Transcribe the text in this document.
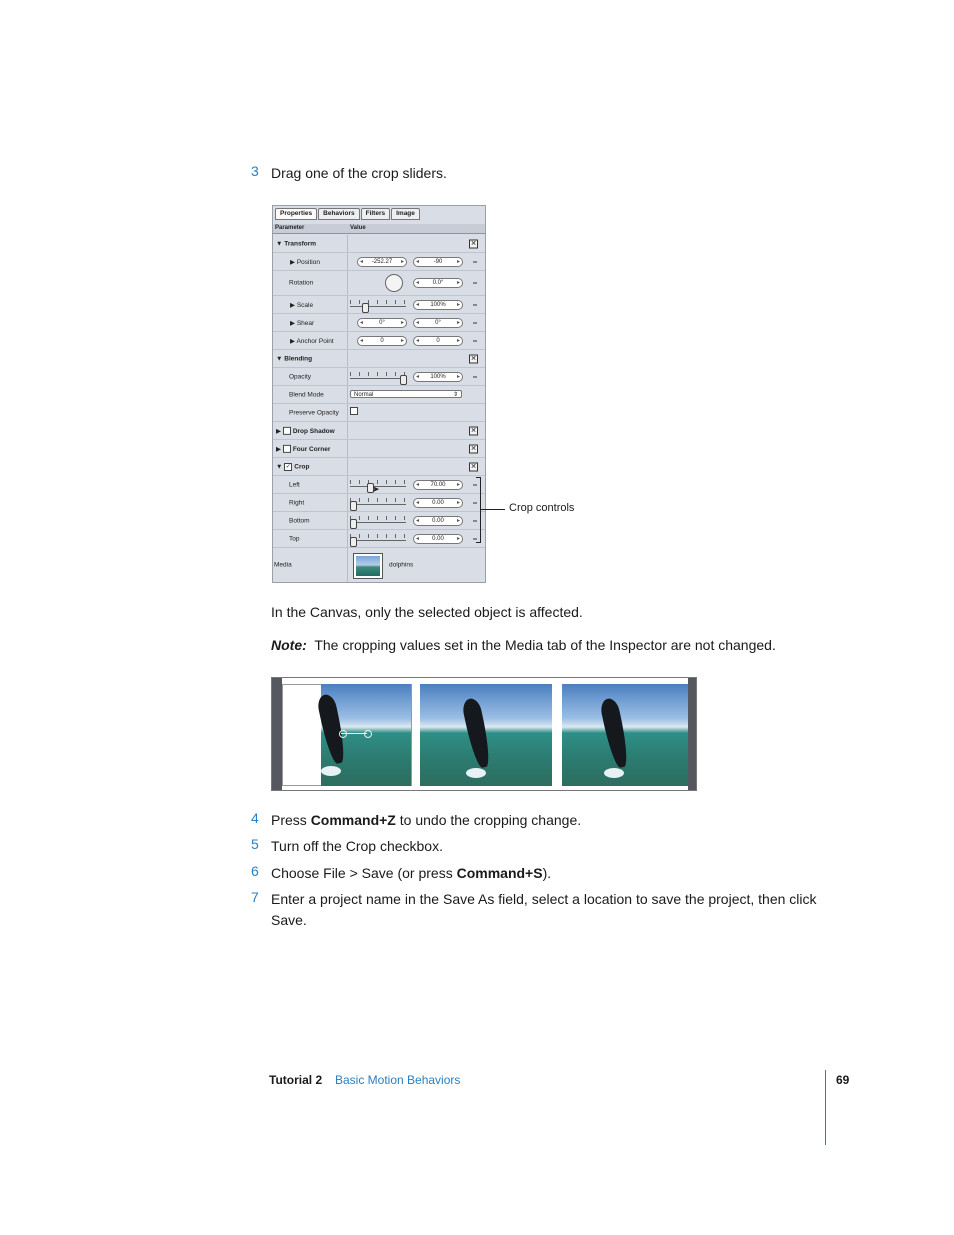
3 Drag one of the crop sliders.
Properties	Behaviors	Filters	Image
Parameter	Value
▼ Transform	✕
▶ Position	◂ -252.27 ▸	◂ -90 ▸
Rotation	◂ 0.0° ▸
▶ Scale	◂ 100% ▸
▶ Shear	◂ 0° ▸	◂ 0° ▸
▶ Anchor Point	◂ 0 ▸	◂ 0 ▸
▼ Blending	✕
Opacity	◂ 100% ▸
Blend Mode	Normal	⇕
Preserve Opacity
▶ Drop Shadow	✕
▶ Four Corner	✕
▼ ✓ Crop	✕
Left	➤	◂ 70.00 ▸
Right	◂ 0.00 ▸
Bottom	◂ 0.00 ▸
Top	◂ 0.00 ▸
Media	dolphins
Crop controls
In the Canvas, only the selected object is affected.
Note: The cropping values set in the Media tab of the Inspector are not changed.
4 Press Command+Z to undo the cropping change.
5 Turn off the Crop checkbox.
6 Choose File > Save (or press Command+S).
7 Enter a project name in the Save As field, select a location to save the project, then click Save.
Tutorial 2 Basic Motion Behaviors	69
